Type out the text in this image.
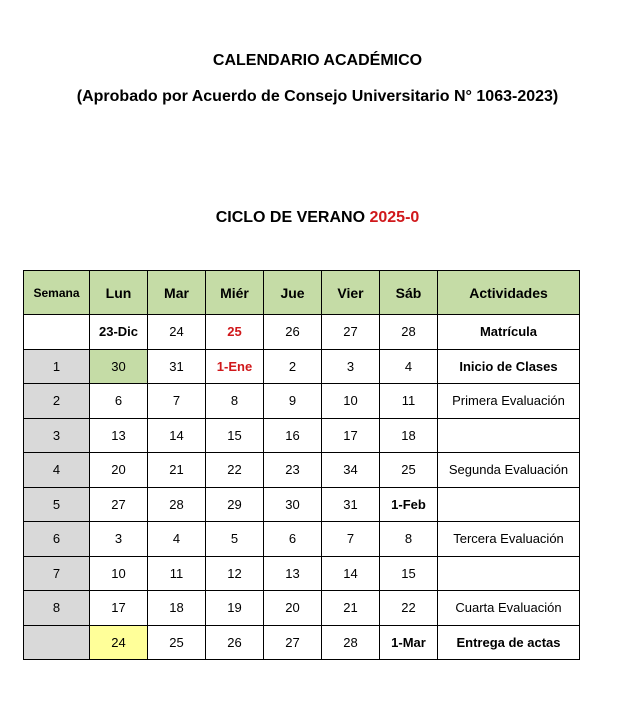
CALENDARIO ACADÉMICO
(Aprobado por Acuerdo de Consejo Universitario N° 1063-2023)
CICLO DE VERANO 2025-0
Semana	Lun	Mar	Miér	Jue	Vier	Sáb	Actividades
	23-Dic	24	25	26	27	28	Matrícula
1	30	31	1-Ene	2	3	4	Inicio de Clases
2	6	7	8	9	10	11	Primera Evaluación
3	13	14	15	16	17	18	
4	20	21	22	23	34	25	Segunda Evaluación
5	27	28	29	30	31	1-Feb	
6	3	4	5	6	7	8	Tercera Evaluación
7	10	11	12	13	14	15	
8	17	18	19	20	21	22	Cuarta Evaluación
	24	25	26	27	28	1-Mar	Entrega de actas
